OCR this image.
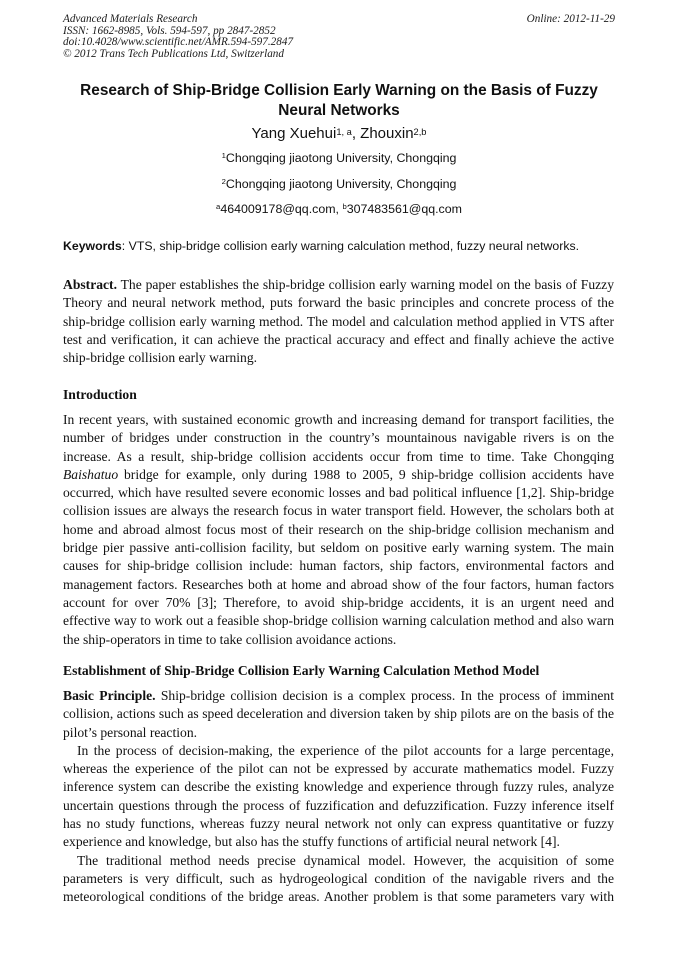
Advanced Materials Research
ISSN: 1662-8985, Vols. 594-597, pp 2847-2852
doi:10.4028/www.scientific.net/AMR.594-597.2847
© 2012 Trans Tech Publications Ltd, Switzerland
Online: 2012-11-29
Research of Ship-Bridge Collision Early Warning on the Basis of Fuzzy Neural Networks
Yang Xuehui$^{1, a}$, Zhouxin$^{2,b}$
$^1$Chongqing jiaotong University, Chongqing
$^2$Chongqing jiaotong University, Chongqing
$^a$464009178@qq.com, $^b$307483561@qq.com
Keywords: VTS, ship-bridge collision early warning calculation method, fuzzy neural networks.

Abstract. The paper establishes the ship-bridge collision early warning model on the basis of Fuzzy Theory and neural network method, puts forward the basic principles and concrete process of the ship-bridge collision early warning method. The model and calculation method applied in VTS after test and verification, it can achieve the practical accuracy and effect and finally achieve the active ship-bridge collision early warning.

Introduction

In recent years, with sustained economic growth and increasing demand for transport facilities, the number of bridges under construction in the country’s mountainous navigable rivers is on the increase. As a result, ship-bridge collision accidents occur from time to time. Take Chongqing Baishatuo bridge for example, only during 1988 to 2005, 9 ship-bridge collision accidents have occurred, which have resulted severe economic losses and bad political influence [1,2]. Ship-bridge collision issues are always the research focus in water transport field. However, the scholars both at home and abroad almost focus most of their research on the ship-bridge collision mechanism and bridge pier passive anti-collision facility, but seldom on positive early warning system. The main causes for ship-bridge collision include: human factors, ship factors, environmental factors and management factors. Researches both at home and abroad show of the four factors, human factors account for over 70% [3]; Therefore, to avoid ship-bridge accidents, it is an urgent need and effective way to work out a feasible shop-bridge collision warning calculation method and also warn the ship-operators in time to take collision avoidance actions.

Establishment of Ship-Bridge Collision Early Warning Calculation Method Model

Basic Principle. Ship-bridge collision decision is a complex process. In the process of imminent collision, actions such as speed deceleration and diversion taken by ship pilots are on the basis of the pilot’s personal reaction.

In the process of decision-making, the experience of the pilot accounts for a large percentage, whereas the experience of the pilot can not be expressed by accurate mathematics model. Fuzzy inference system can describe the existing knowledge and experience through fuzzy rules, analyze uncertain questions through the process of fuzzification and defuzzification. Fuzzy inference itself has no study functions, whereas fuzzy neural network not only can express quantitative or fuzzy experience and knowledge, but also has the stuffy functions of artificial neural network [4].

The traditional method needs precise dynamical model. However, the acquisition of some parameters is very difficult, such as hydrogeological condition of the navigable rivers and the meteorological conditions of the bridge areas. Another problem is that some parameters vary with
